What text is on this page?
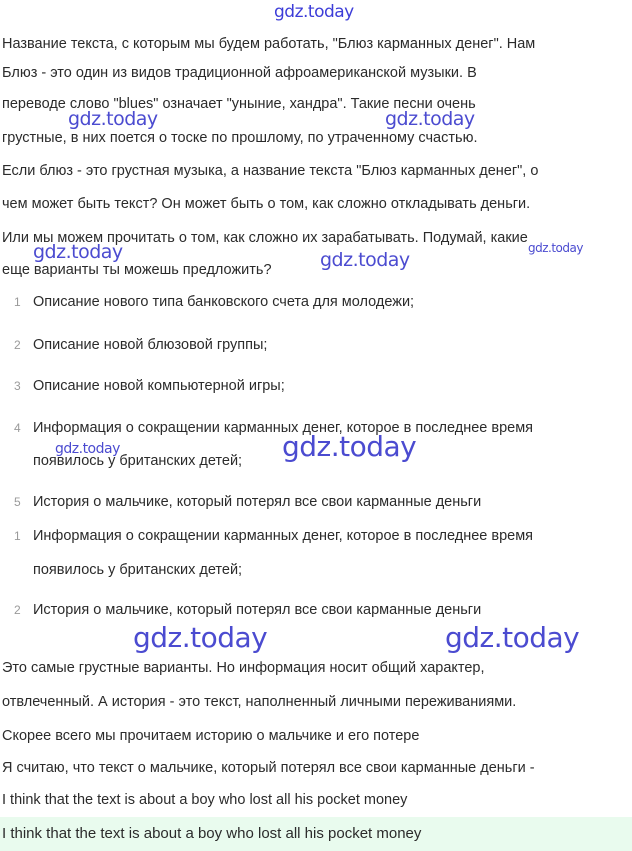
gdz.today
Название текста, с которым мы будем работать, "Блюз карманных денег". Нам
Блюз - это один из видов традиционной афроамериканской музыки. В
переводе слово "blues" означает "уныние, хандра". Такие песни очень
грустные, в них поется о тоске по прошлому, по утраченному счастью.
Если блюз - это грустная музыка, а название текста "Блюз карманных денег", о
чем может быть текст? Он может быть о том, как сложно откладывать деньги.
Или мы можем прочитать о том, как сложно их зарабатывать. Подумай, какие
еще варианты ты можешь предложить?
1 Описание нового типа банковского счета для молодежи;
2 Описание новой блюзовой группы;
3 Описание новой компьютерной игры;
4 Информация о сокращении карманных денег, которое в последнее время
появилось у британских детей;
5 История о мальчике, который потерял все свои карманные деньги
1 Информация о сокращении карманных денег, которое в последнее время
появилось у британских детей;
2 История о мальчике, который потерял все свои карманные деньги
Это самые грустные варианты. Но информация носит общий характер,
отвлеченный. А история - это текст, наполненный личными переживаниями.
Скорее всего мы прочитаем историю о мальчике и его потере
Я считаю, что текст о мальчике, который потерял все свои карманные деньги -
I think that the text is about a boy who lost all his pocket money
I think that the text is about a boy who lost all his pocket money
gdz.today	gdz.today
gdz.today	gdz.today
gdz.today
gdz.today	gdz.today
gdz.today	gdz.today
